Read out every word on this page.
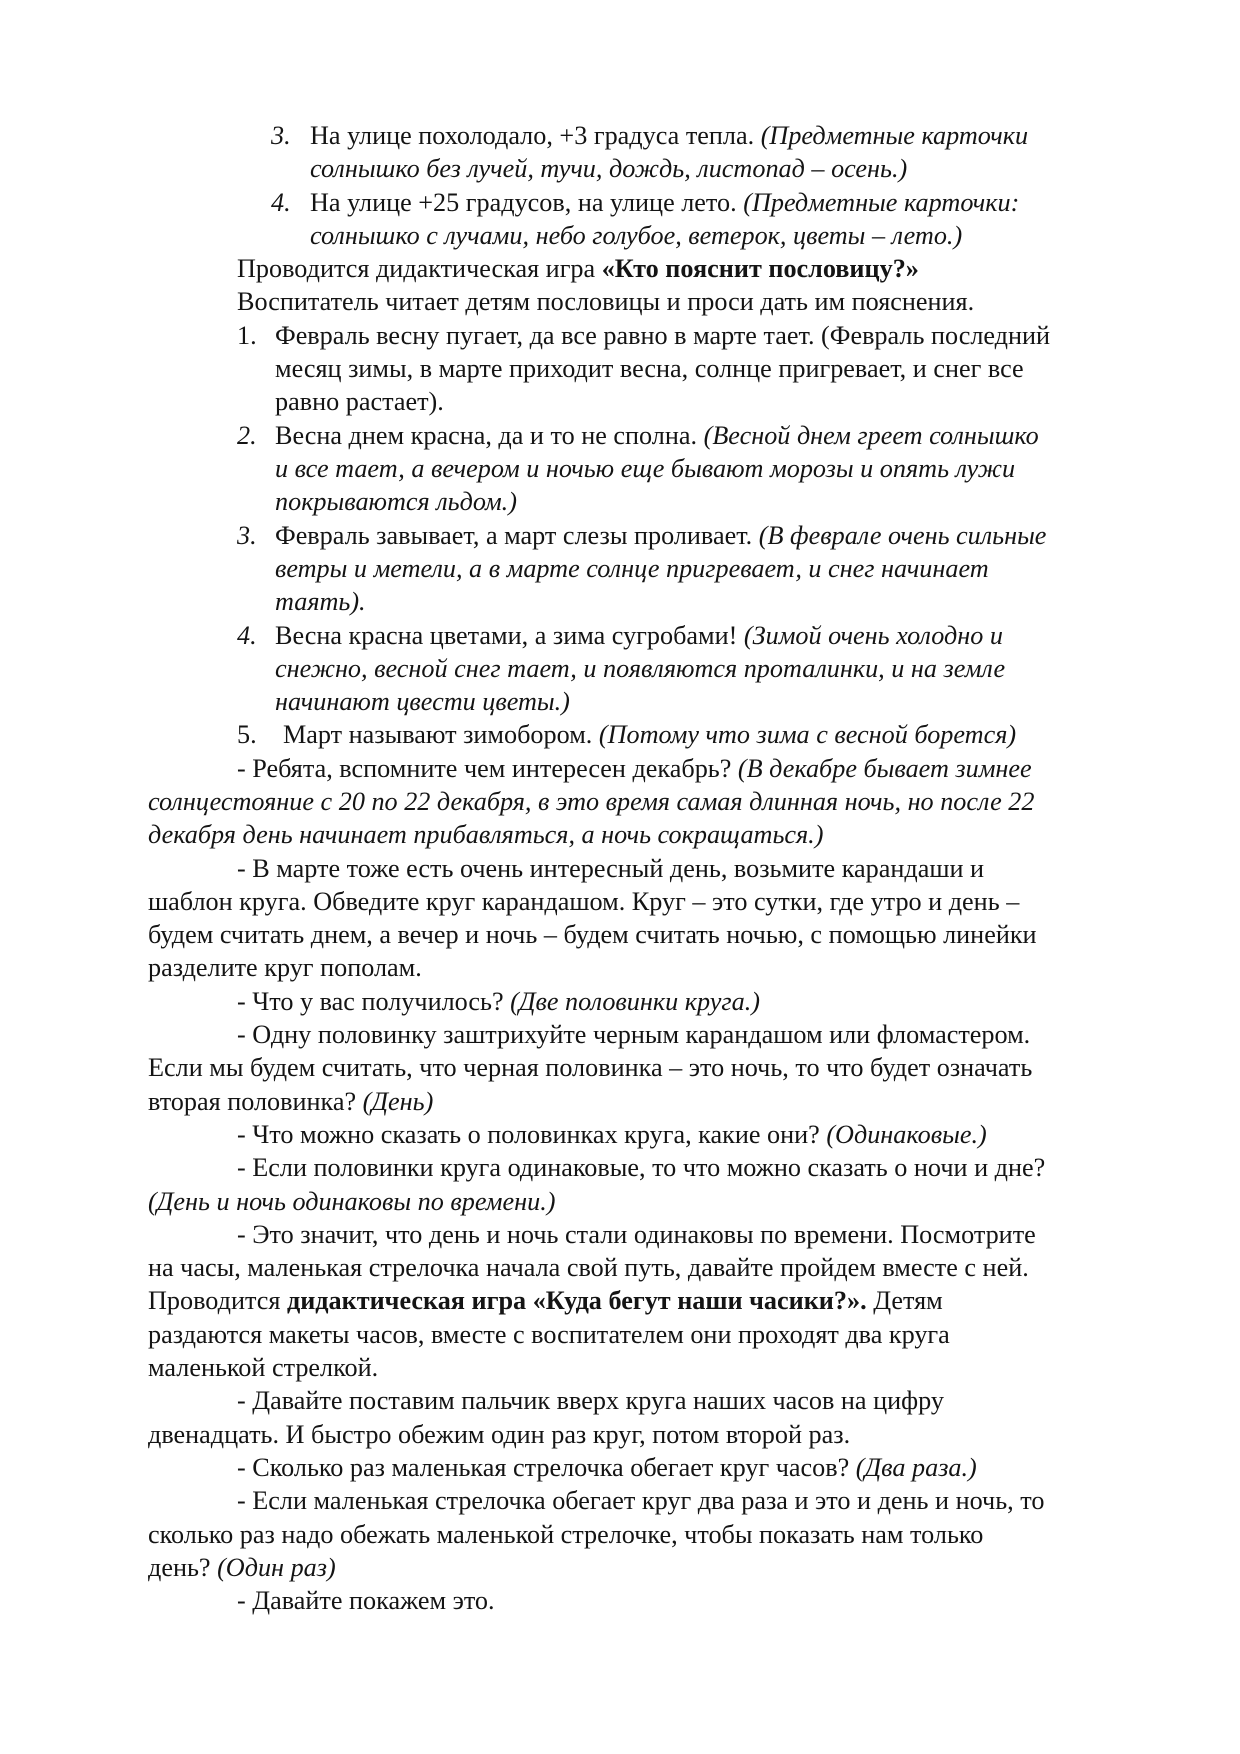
3. На улице похолодало, +3 градуса тепла. (Предметные карточки

солнышко без лучей, тучи, дождь, листопад – осень.)

4. На улице +25 градусов, на улице лето. (Предметные карточки:

солнышко с лучами, небо голубое, ветерок, цветы – лето.)

Проводится дидактическая игра «Кто пояснит пословицу?»

Воспитатель читает детям пословицы и проси дать им пояснения.

1. Февраль весну пугает, да все равно в марте тает. (Февраль последний

месяц зимы, в марте приходит весна, солнце пригревает, и снег все

равно растает).

2. Весна днем красна, да и то не сполна. (Весной днем греет солнышко

и все тает, а вечером и ночью еще бывают морозы и опять лужи

покрываются льдом.)

3. Февраль завывает, а март слезы проливает. (В феврале очень сильные

ветры и метели, а в марте солнце пригревает, и снег начинает

таять).

4. Весна красна цветами, а зима сугробами! (Зимой очень холодно и

снежно, весной снег тает, и появляются проталинки, и на земле

начинают цвести цветы.)

5.	Март называют зимобором. (Потому что зима с весной борется)

- Ребята, вспомните чем интересен декабрь? (В декабре бывает зимнее

солнцестояние с 20 по 22 декабря, в это время самая длинная ночь, но после 22

декабря день начинает прибавляться, а ночь сокращаться.)

- В марте тоже есть очень интересный день, возьмите карандаши и

шаблон круга. Обведите круг карандашом. Круг – это сутки, где утро и день –

будем считать днем, а вечер и ночь – будем считать ночью, с помощью линейки

разделите круг пополам.

- Что у вас получилось? (Две половинки круга.)

- Одну половинку заштрихуйте черным карандашом или фломастером.

Если мы будем считать, что черная половинка – это ночь, то что будет означать

вторая половинка? (День)

- Что можно сказать о половинках круга, какие они? (Одинаковые.)

- Если половинки круга одинаковые, то что можно сказать о ночи и дне?

(День и ночь одинаковы по времени.)

- Это значит, что день и ночь стали одинаковы по времени. Посмотрите

на часы, маленькая стрелочка начала свой путь, давайте пройдем вместе с ней.

Проводится дидактическая игра «Куда бегут наши часики?». Детям

раздаются макеты часов, вместе с воспитателем они проходят два круга

маленькой стрелкой.

- Давайте поставим пальчик вверх круга наших часов на цифру

двенадцать. И быстро обежим один раз круг, потом второй раз.

- Сколько раз маленькая стрелочка обегает круг часов? (Два раза.)

- Если маленькая стрелочка обегает круг два раза и это и день и ночь, то

сколько раз надо обежать маленькой стрелочке, чтобы показать нам только

день? (Один раз)

- Давайте покажем это.
